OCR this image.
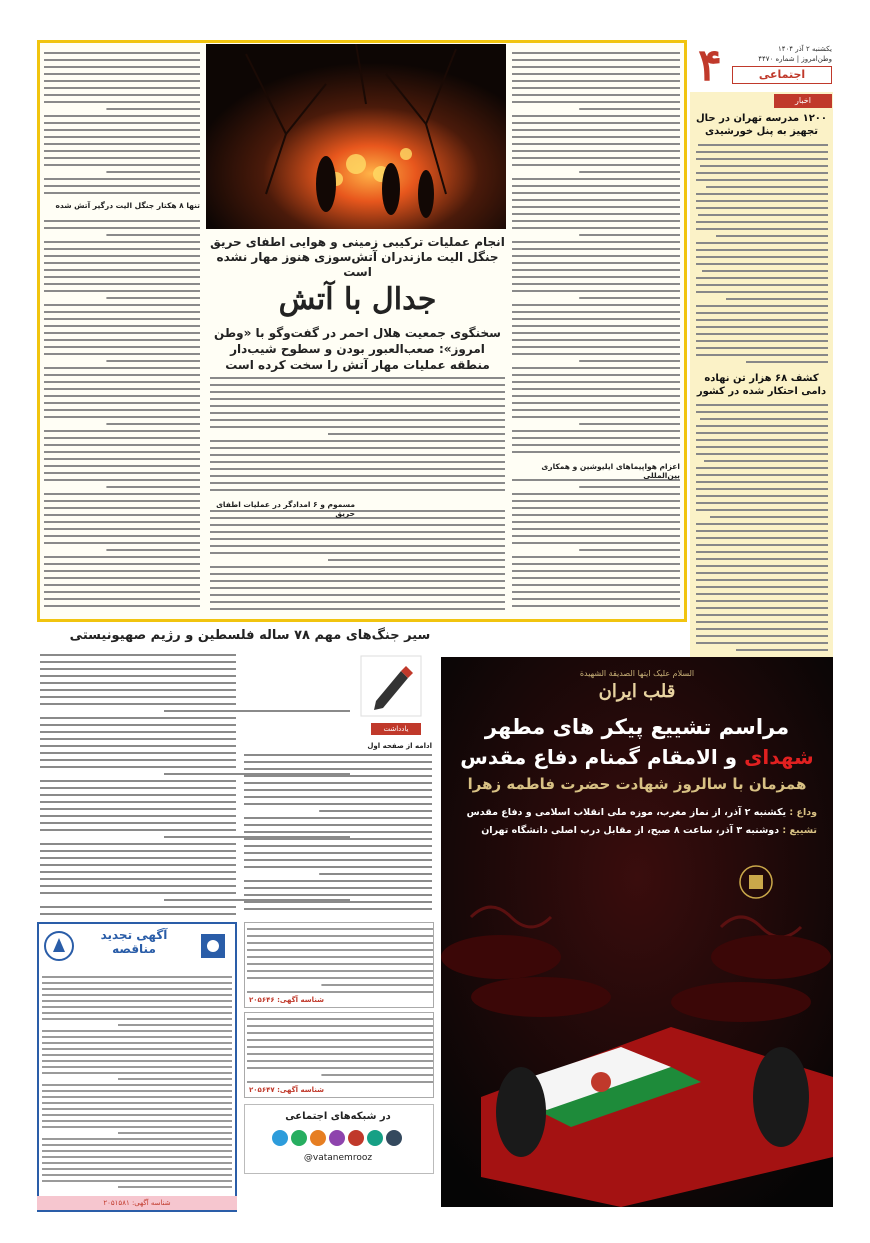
۴	یکشنبه ۲ آذر ۱۴۰۴
وطن‌امروز | شماره ۴۴۷۰
اجتماعی
اخبار
۱۲۰۰ مدرسه تهران در حال تجهیز به پنل خورشیدی
کشف ۶۸ هزار تن نهاده دامی احتکار شده در کشور
اعزام هواپیماهای ایلیوشین و همکاری بین‌المللی
تنها ۸ هکتار جنگل الیت درگیر آتش شده
انجام عملیات ترکیبی زمینی و هوایی اطفای حریق جنگل الیت مازندران آتش‌سوزی هنوز مهار نشده است
جدال با آتش
سخنگوی جمعیت هلال احمر در گفت‌وگو با «وطن امروز»: صعب‌العبور بودن و سطوح شیب‌دار منطقه عملیات مهار آتش را سخت کرده است
مسموم و ۶ امدادگر در عملیات اطفای حریق
سیر جنگ‌های مهم ۷۸ ساله فلسطین و رژیم صهیونیستی
یادداشت
ادامه از صفحه اول
السلام علیک ایتها الصدیقة الشهیدة
قلب ایران
مراسم تشییع پیکر های مطهر
شهدای و الامقام گمنام دفاع مقدس
همزمان با سالروز شهادت حضرت فاطمه زهرا
وداع : یکشنبه ۲ آذر، از نماز مغرب، موزه ملی انقلاب اسلامی و دفاع مقدس
تشییع : دوشنبه ۳ آذر، ساعت ۸ صبح، از مقابل درب اصلی دانشگاه تهران
آگهی تجدید مناقصه
شناسه آگهی: ۲۰۵۱۵۸۱
شناسه آگهی: ۲۰۵۶۴۶
شناسه آگهی: ۲۰۵۶۴۷
در شبکه‌های اجتماعی
@vatanemrooz
